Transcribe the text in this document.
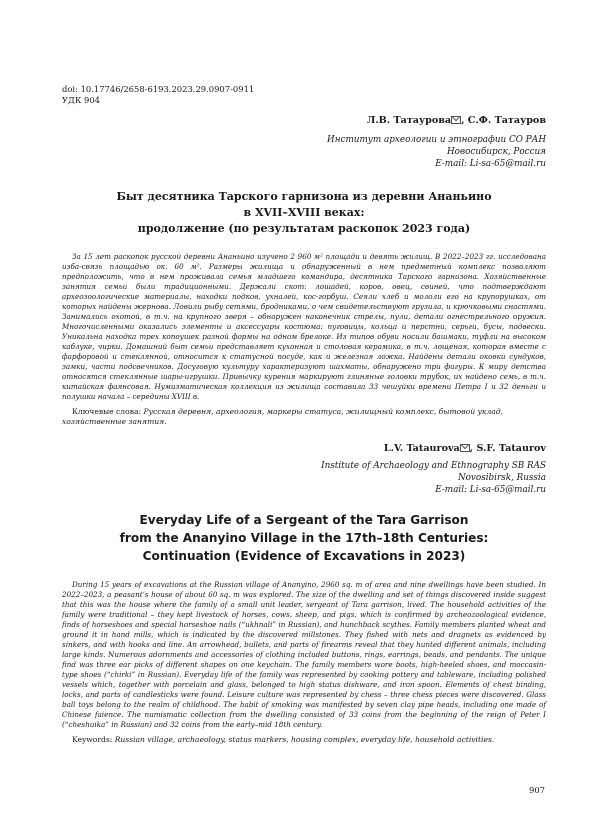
doi: 10.17746/2658-6193.2023.29.0907-0911
УДК 904
Л.В. Татаурова , С.Ф. Татауров
Институт археологии и этнографии СО РАН
Новосибирск, Россия
E-mail: Li-sa-65@mail.ru
Быт десятника Тарского гарнизона из деревни Ананьино
в XVII–XVIII веках:
продолжение (по результатам раскопок 2023 года)
За 15 лет раскопок русской деревни Ананьино изучено 2 960 м² площади и девять жилищ. В 2022–2023 гг. исследована изба-связь площадью ок. 60 м². Размеры жилища и обнаруженный в нем предметный комплекс позволяют предположить, что в нем проживала семья младшего командира, десятника Тарского гарнизона. Хозяйственные занятия семьи были традиционными. Держали скот: лошадей, коров, овец, свиней, что подтверждают археозоологические материалы, находки подков, ухналей, кос-горбуш. Сеяли хлеб и мололи его на крупорушках, от которых найдены жернова. Ловили рыбу сетями, бродниками, о чем свидетельствуют грузила, и крючковыми снастями. Занимались охотой, в т.ч. на крупного зверя – обнаружен наконечник стрелы, пули, детали огнестрельного оружия. Многочисленными оказались элементы и аксессуары костюма: пуговицы, кольца и перстни, серьги, бусы, подвески. Уникальна находка трех копоушек разной формы на одном брелоке. Из типов обуви носили башмаки, туфли на высоком каблуке, чирки. Домашний быт семьи представляет кухонная и столовая керамика, в т.ч. лощеная, которая вместе с фарфоровой и стеклянной, относится к статусной посуде, как и железная ложка. Найдены детали оковки сундуков, замки, части подсвечников. Досуговую культуру характеризуют шахматы, обнаружено три фигуры. К миру детства относятся стеклянные шары-игрушки. Привычку курения маркируют глиняные головки трубок, их найдено семь, в т.ч. китайская фаянсовая. Нумизматическая коллекция из жилища составила 33 чешуйки времени Петра I и 32 деньги и полушки начала – середины XVIII в.
Ключевые слова: Русская деревня, археология, маркеры статуса, жилищный комплекс, бытовой уклад, хозяйственные занятия.
L.V. Tataurova , S.F. Tataurov
Institute of Archaeology and Ethnography SB RAS
Novosibirsk, Russia
E-mail: Li-sa-65@mail.ru
Everyday Life of a Sergeant of the Tara Garrison
from the Ananyino Village in the 17th–18th Centuries:
Continuation (Evidence of Excavations in 2023)
During 15 years of excavations at the Russian village of Ananyino, 2960 sq. m of area and nine dwellings have been studied. In 2022–2023, a peasant’s house of about 60 sq. m was explored. The size of the dwelling and set of things discovered inside suggest that this was the house where the family of a small unit leader, sergeant of Tara garrison, lived. The household activities of the family were traditional – they kept livestock of horses, cows, sheep, and pigs, which is confirmed by archeozoological evidence, finds of horseshoes and special horseshoe nails (“ukhnali” in Russian), and hunchback scythes. Family members planted wheat and ground it in hand mills, which is indicated by the discovered millstones. They fished with nets and dragnets as evidenced by sinkers, and with hooks and line. An arrowhead, bullets, and parts of firearms reveal that they hunted different animals, including large kinds. Numerous adornments and accessories of clothing included buttons, rings, earrings, beads, and pendants. The unique find was three ear picks of different shapes on one keychain. The family members wore boots, high-heeled shoes, and moccasin-type shoes (“chirki” in Russian). Everyday life of the family was represented by cooking pottery and tableware, including polished vessels which, together with porcelain and glass, belonged to high status dishware, and iron spoon. Elements of chest binding, locks, and parts of candlesticks were found. Leisure culture was represented by chess – three chess pieces were discovered. Glass ball toys belong to the realm of childhood. The habit of smoking was manifested by seven clay pipe heads, including one made of Chinese faience. The numismatic collection from the dwelling consisted of 33 coins from the beginning of the reign of Peter I (“cheshuika” in Russian) and 32 coins from the early–mid 18th century.
Keywords: Russian village, archaeology, status markers, housing complex, everyday life, household activities.
907
